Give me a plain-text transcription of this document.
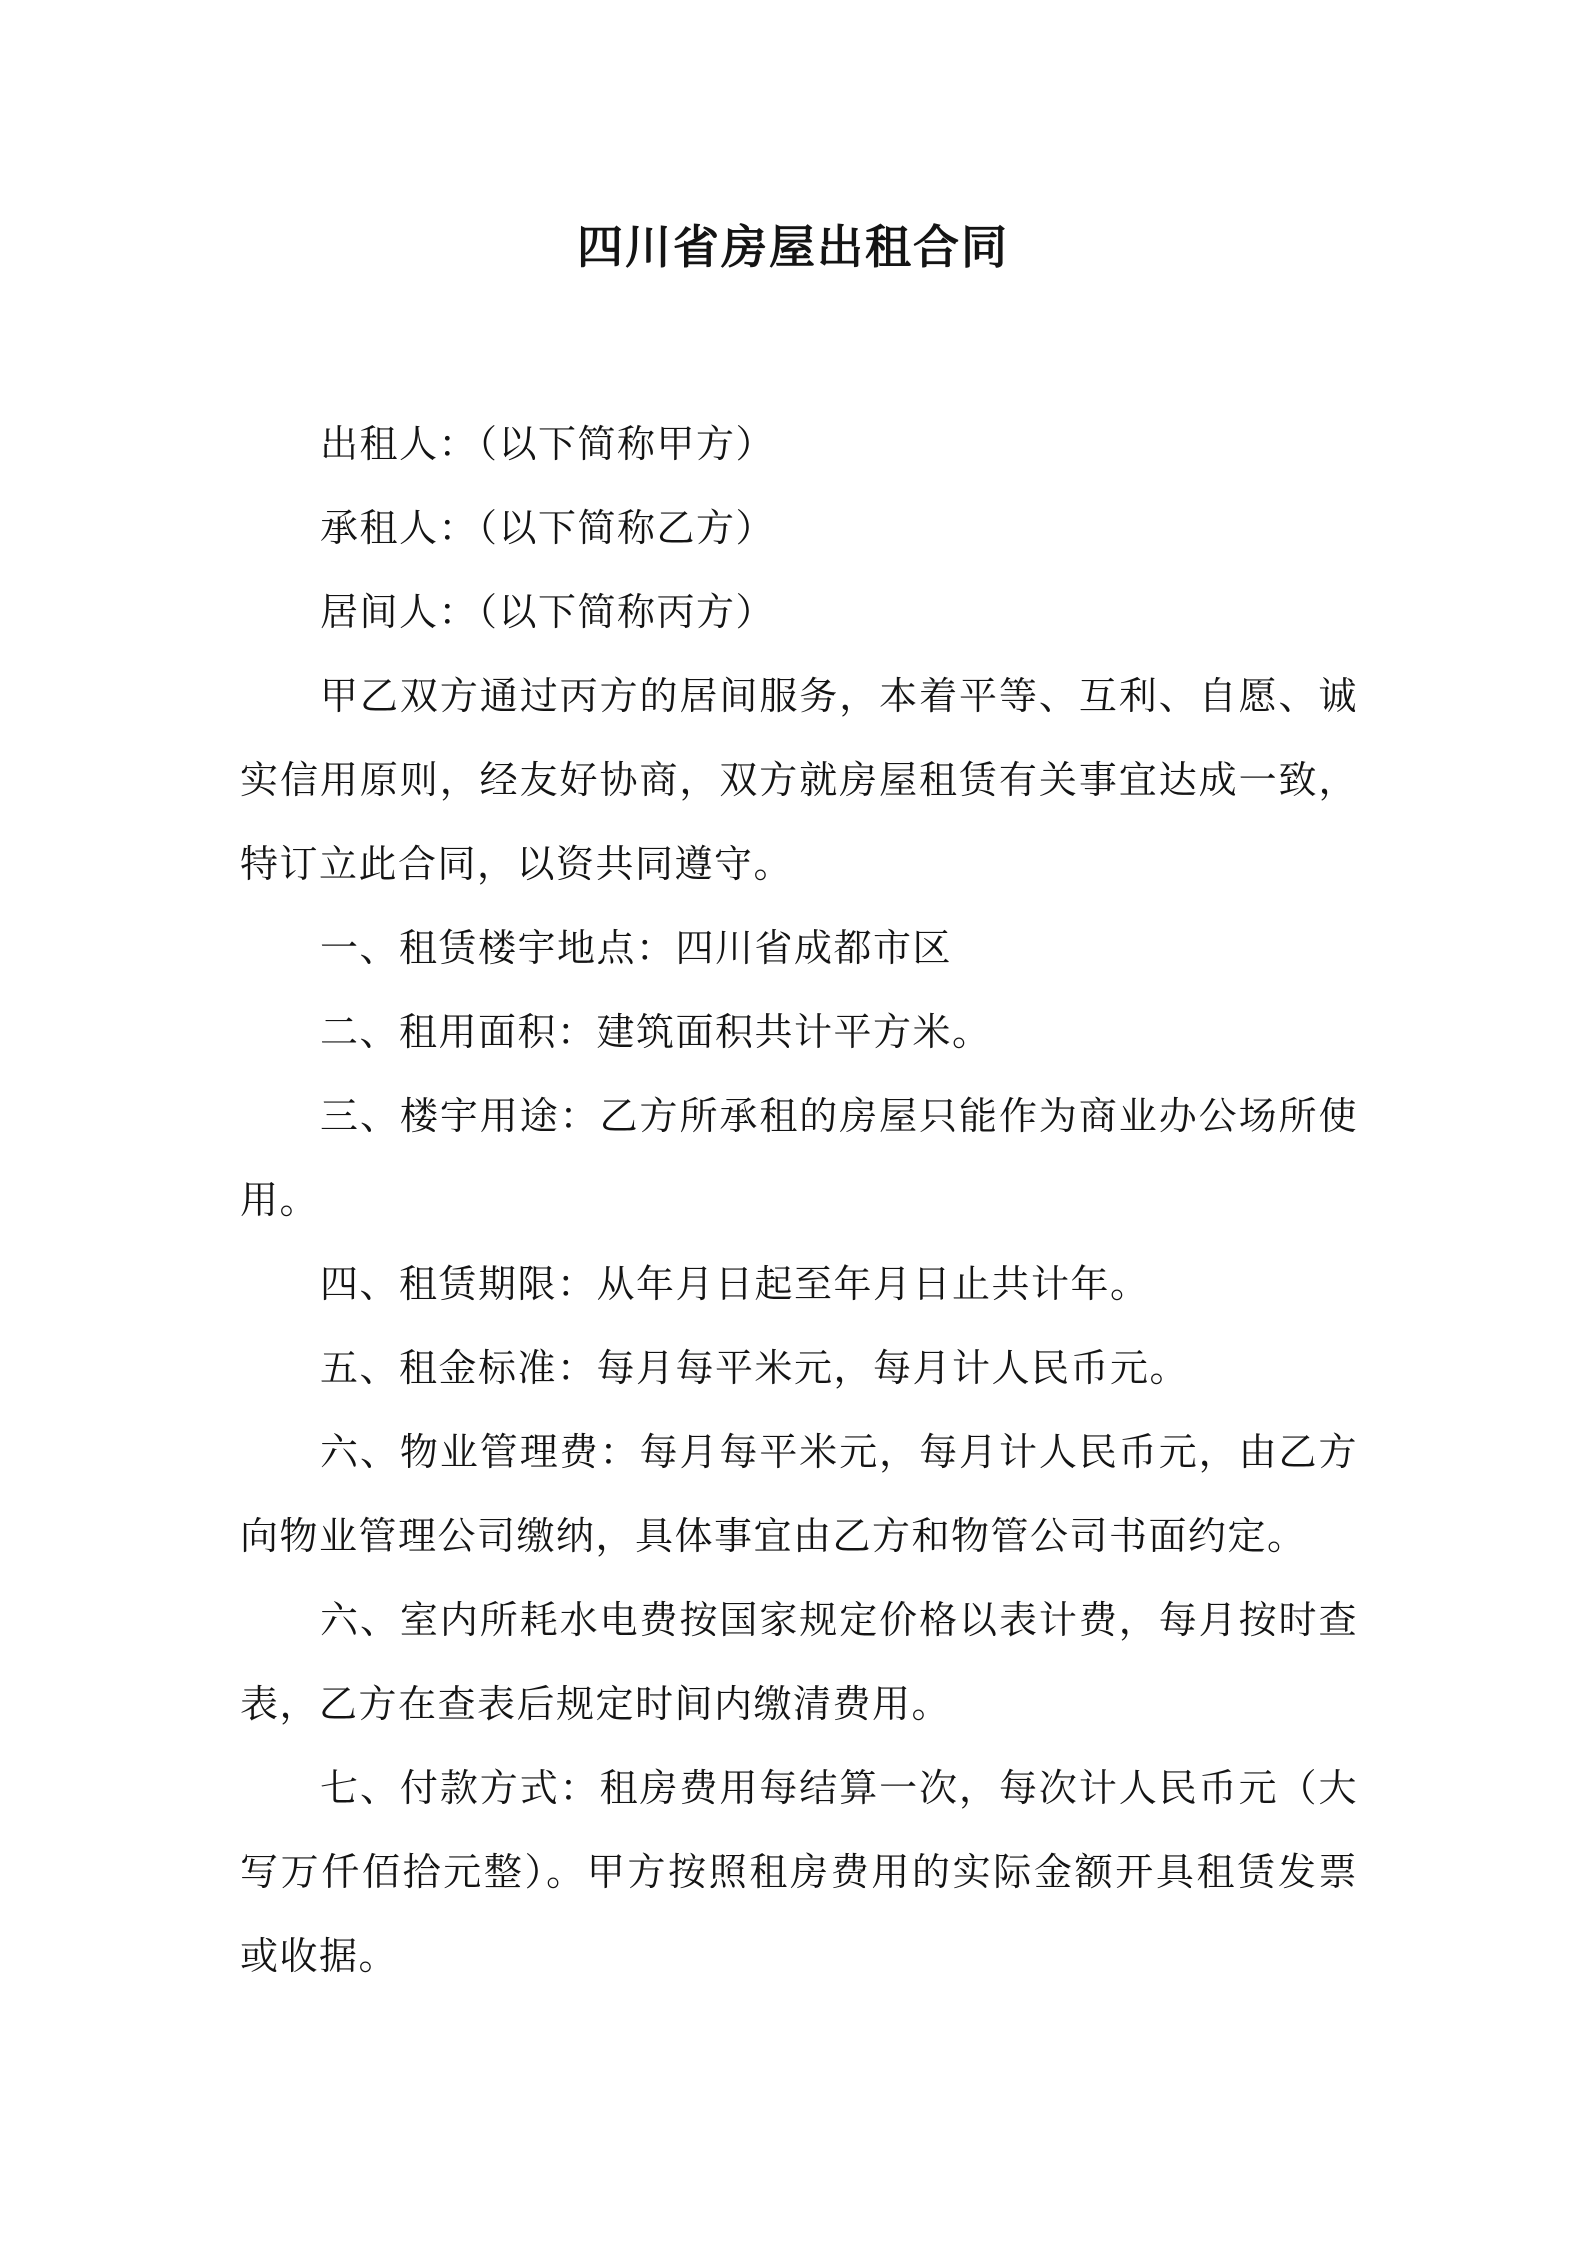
四川省房屋出租合同

出租人：（以下简称甲方）

承租人：（以下简称乙方）

居间人：（以下简称丙方）

甲乙双方通过丙方的居间服务，本着平等、互利、自愿、诚实信用原则，经友好协商，双方就房屋租赁有关事宜达成一致，特订立此合同，以资共同遵守。

一、租赁楼宇地点：四川省成都市区

二、租用面积：建筑面积共计平方米。

三、楼宇用途：乙方所承租的房屋只能作为商业办公场所使用。

四、租赁期限：从年月日起至年月日止共计年。

五、租金标准：每月每平米元，每月计人民币元。

六、物业管理费：每月每平米元，每月计人民币元，由乙方向物业管理公司缴纳，具体事宜由乙方和物管公司书面约定。

六、室内所耗水电费按国家规定价格以表计费，每月按时查表，乙方在查表后规定时间内缴清费用。

七、付款方式：租房费用每结算一次，每次计人民币元（大写万仟佰拾元整）。甲方按照租房费用的实际金额开具租赁发票或收据。
